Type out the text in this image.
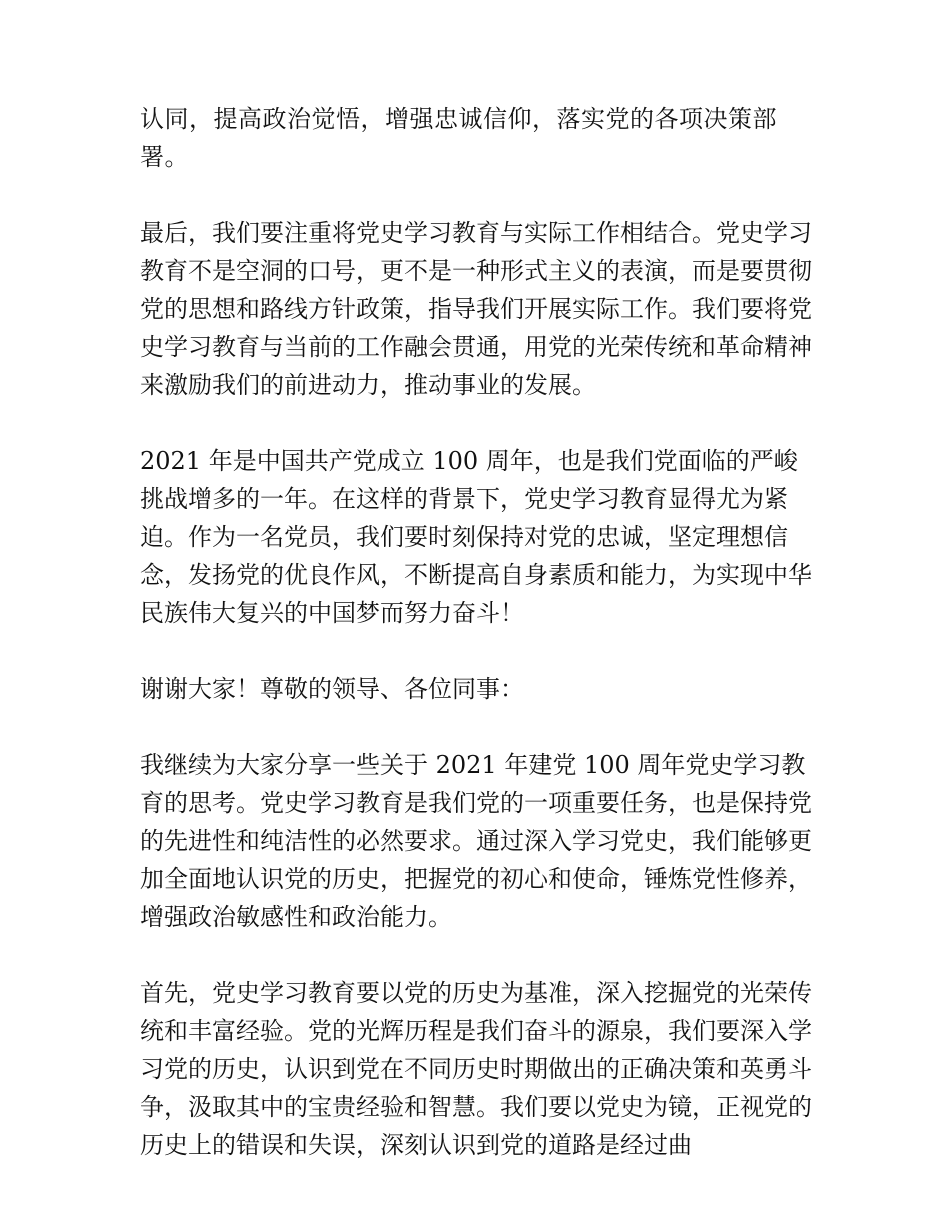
认同，提高政治觉悟，增强忠诚信仰，落实党的各项决策部署。

最后，我们要注重将党史学习教育与实际工作相结合。党史学习教育不是空洞的口号，更不是一种形式主义的表演，而是要贯彻党的思想和路线方针政策，指导我们开展实际工作。我们要将党史学习教育与当前的工作融会贯通，用党的光荣传统和革命精神来激励我们的前进动力，推动事业的发展。

2021 年是中国共产党成立 100 周年，也是我们党面临的严峻挑战增多的一年。在这样的背景下，党史学习教育显得尤为紧迫。作为一名党员，我们要时刻保持对党的忠诚，坚定理想信念，发扬党的优良作风，不断提高自身素质和能力，为实现中华民族伟大复兴的中国梦而努力奋斗！

谢谢大家！尊敬的领导、各位同事：

我继续为大家分享一些关于 2021 年建党 100 周年党史学习教育的思考。党史学习教育是我们党的一项重要任务，也是保持党的先进性和纯洁性的必然要求。通过深入学习党史，我们能够更加全面地认识党的历史，把握党的初心和使命，锤炼党性修养，增强政治敏感性和政治能力。

首先，党史学习教育要以党的历史为基准，深入挖掘党的光荣传统和丰富经验。党的光辉历程是我们奋斗的源泉，我们要深入学习党的历史，认识到党在不同历史时期做出的正确决策和英勇斗争，汲取其中的宝贵经验和智慧。我们要以党史为镜，正视党的历史上的错误和失误，深刻认识到党的道路是经过曲
